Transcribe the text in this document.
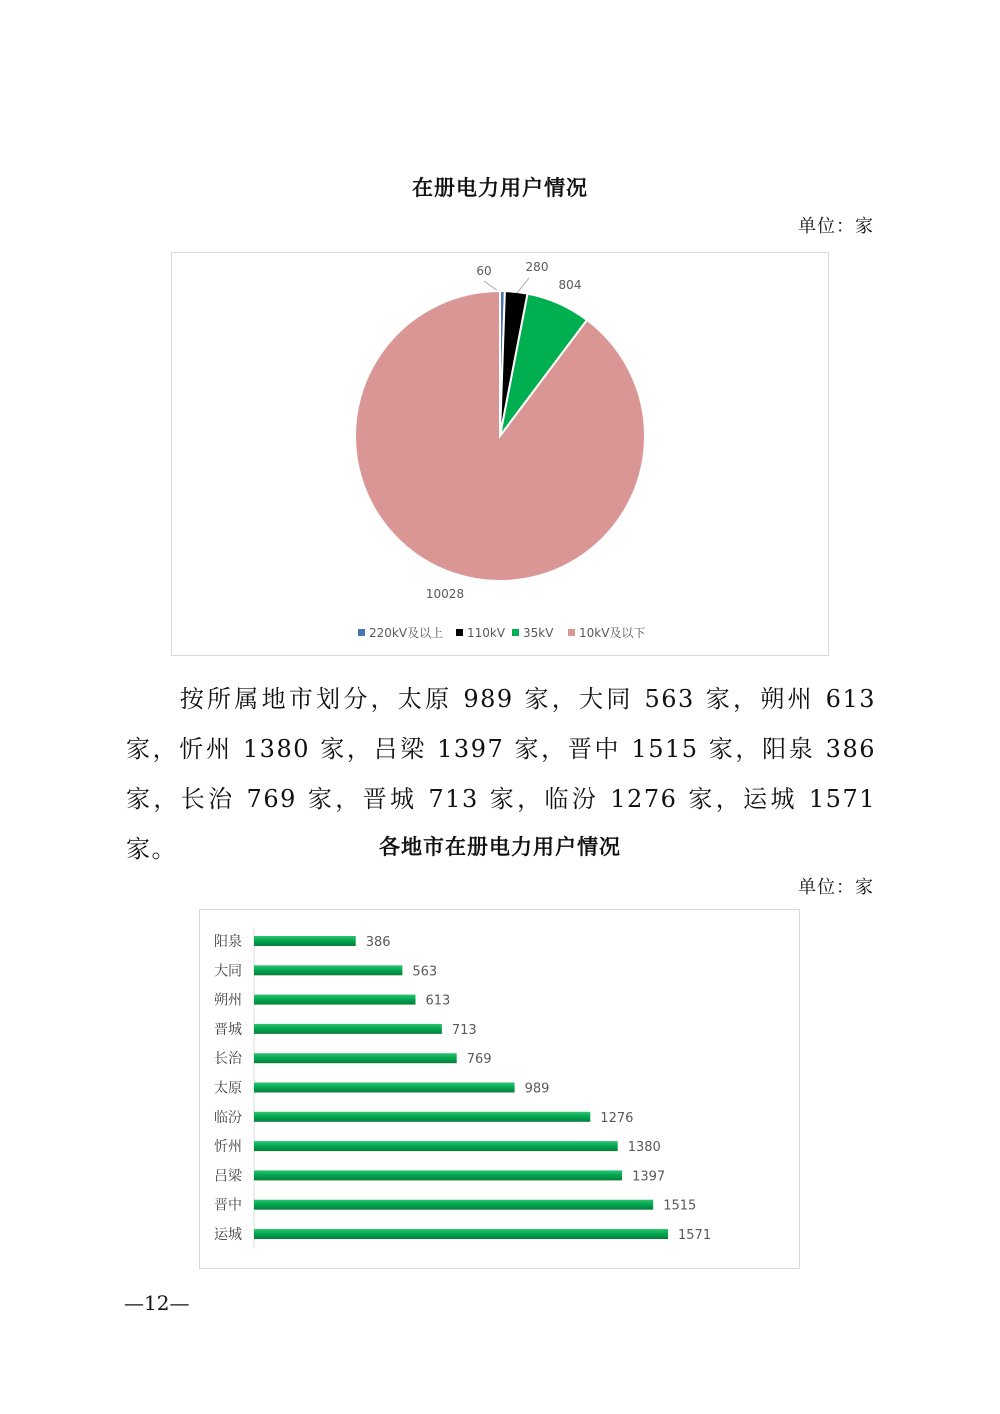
在册电力用户情况
单位：家
60	280
804
10028
220kV及以上 110kV 35kV 10kV及以下
按所属地市划分，太原 989 家，大同 563 家，朔州 613 家，忻州 1380 家，吕梁 1397 家，晋中 1515 家，阳泉 386 家，长治 769 家，晋城 713 家，临汾 1276 家，运城 1571 家。	各地市在册电力用户情况
单位：家
阳泉	386
大同	563
朔州	613
晋城	713
长治	769
太原	989
临汾	1276
忻州	1380
吕梁	1397
晋中	1515
运城	1571
—12—
